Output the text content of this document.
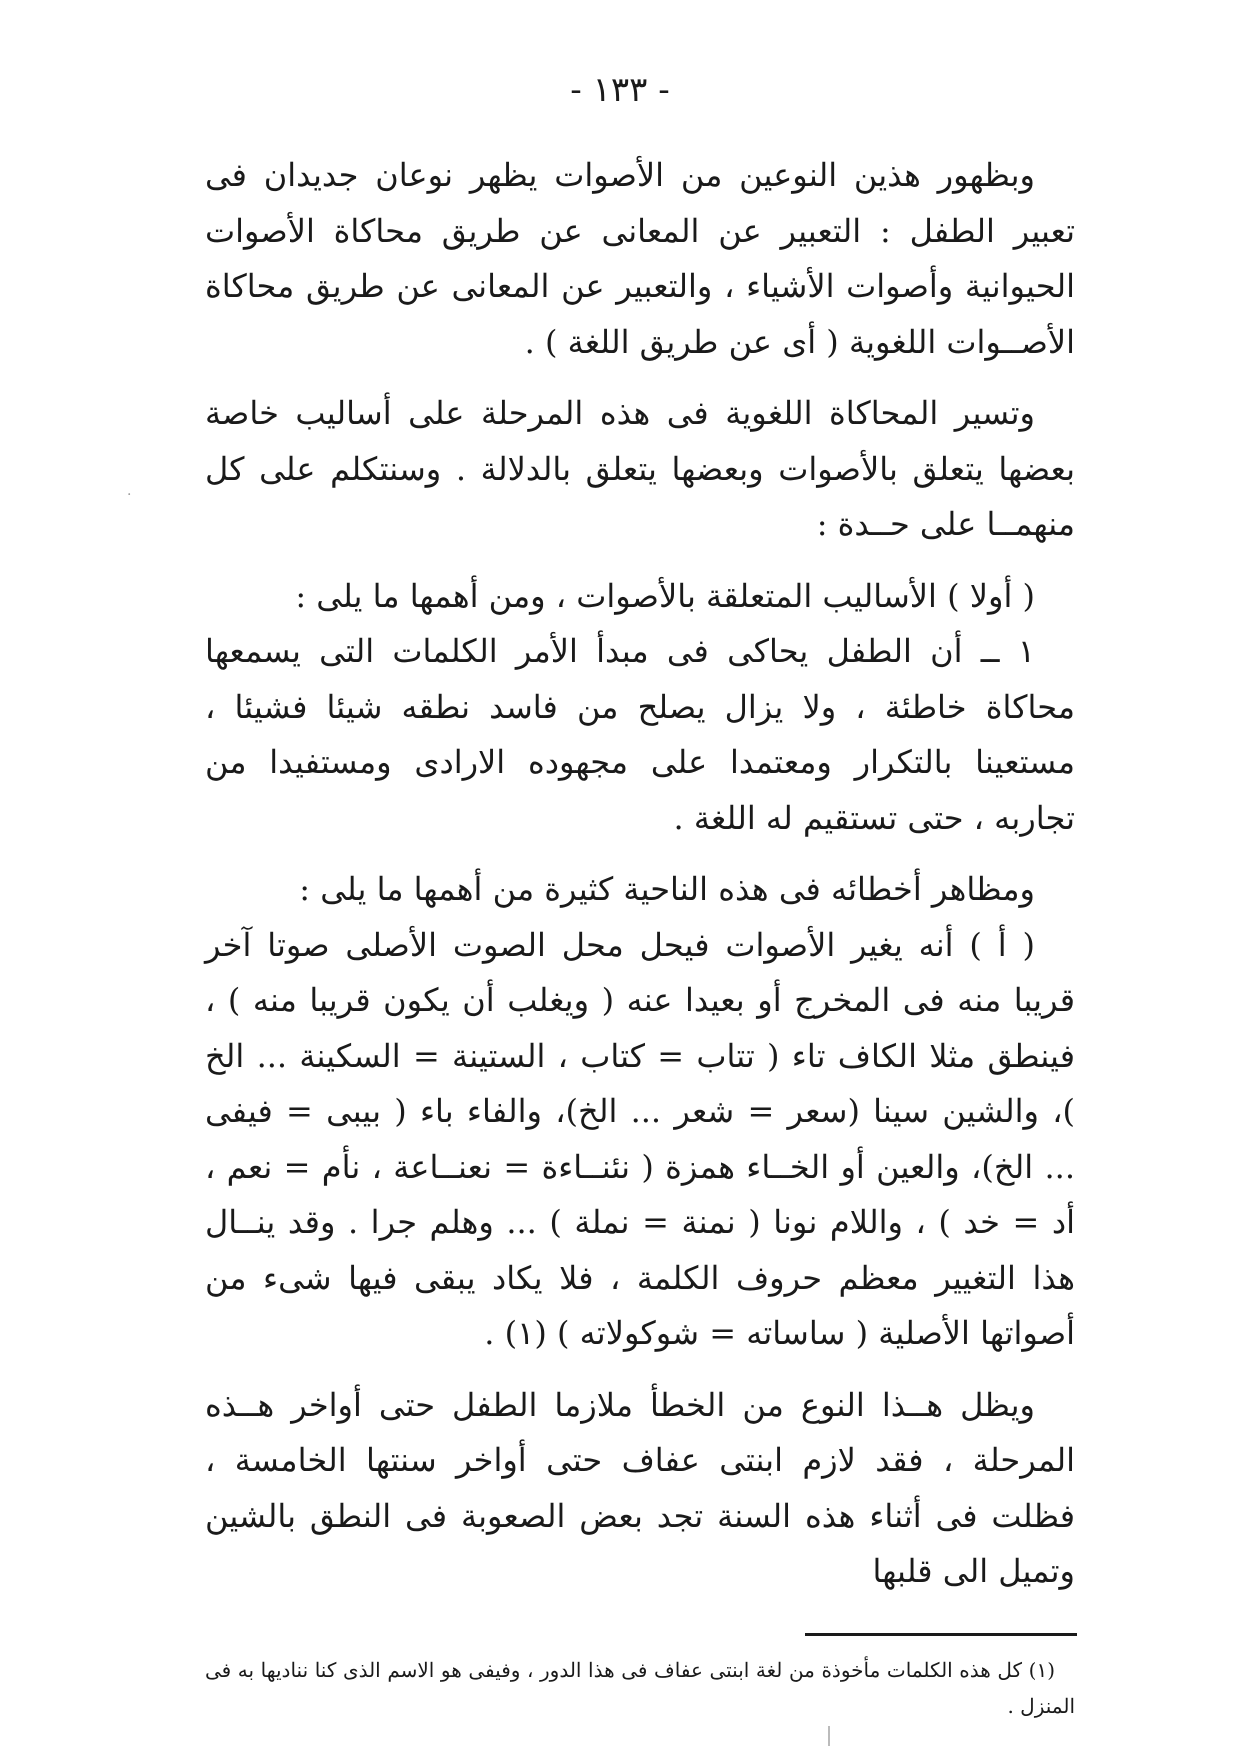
- ١٣٣ -

وبظهور هذين النوعين من الأصوات يظهر نوعان جديدان فى تعبير الطفل : التعبير عن المعانى عن طريق محاكاة الأصوات الحيوانية وأصوات الأشياء ، والتعبير عن المعانى عن طريق محاكاة الأصــوات اللغوية ( أى عن طريق اللغة ) .

وتسير المحاكاة اللغوية فى هذه المرحلة على أساليب خاصة بعضها يتعلق بالأصوات وبعضها يتعلق بالدلالة . وسنتكلم على كل منهمــا على حــدة :

( أولا ) الأساليب المتعلقة بالأصوات ، ومن أهمها ما يلى :

١ ــ أن الطفل يحاكى فى مبدأ الأمر الكلمات التى يسمعها محاكاة خاطئة ، ولا يزال يصلح من فاسد نطقه شيئا فشيئا ، مستعينا بالتكرار ومعتمدا على مجهوده الارادى ومستفيدا من تجاربه ، حتى تستقيم له اللغة .

ومظاهر أخطائه فى هذه الناحية كثيرة من أهمها ما يلى :

( أ ) أنه يغير الأصوات فيحل محل الصوت الأصلى صوتا آخر قريبا منه فى المخرج أو بعيدا عنه ( ويغلب أن يكون قريبا منه ) ، فينطق مثلا الكاف تاء ( تتاب = كتاب ، الستينة = السكينة ... الخ )، والشين سينا (سعر = شعر ... الخ)، والفاء باء ( بيبى = فيفى ... الخ)، والعين أو الخــاء همزة ( نئنــاءة = نعنــاعة ، نأم = نعم ، أد = خد ) ، واللام نونا ( نمنة = نملة ) ... وهلم جرا . وقد ينــال هذا التغيير معظم حروف الكلمة ، فلا يكاد يبقى فيها شىء من أصواتها الأصلية ( ساساته = شوكولاته ) (١) .

ويظل هــذا النوع من الخطأ ملازما الطفل حتى أواخر هــذه المرحلة ، فقد لازم ابنتى عفاف حتى أواخر سنتها الخامسة ، فظلت فى أثناء هذه السنة تجد بعض الصعوبة فى النطق بالشين وتميل الى قلبها

(١) كل هذه الكلمات مأخوذة من لغة ابنتى عفاف فى هذا الدور ، وفيفى هو الاسم الذى كنا نناديها به فى المنزل .

·
